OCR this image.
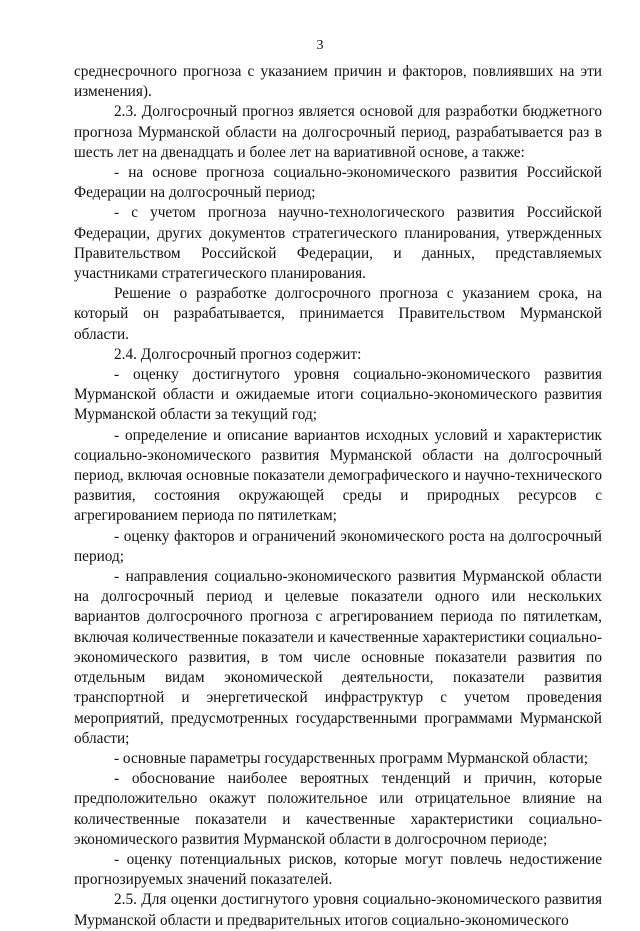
3

среднесрочного прогноза с указанием причин и факторов, повлиявших на эти изменения).

2.3. Долгосрочный прогноз является основой для разработки бюджетного прогноза Мурманской области на долгосрочный период, разрабатывается раз в шесть лет на двенадцать и более лет на вариативной основе, а также:

- на основе прогноза социально-экономического развития Российской Федерации на долгосрочный период;

- с учетом прогноза научно-технологического развития Российской Федерации, других документов стратегического планирования, утвержденных Правительством Российской Федерации, и данных, представляемых участниками стратегического планирования.

Решение о разработке долгосрочного прогноза с указанием срока, на который он разрабатывается, принимается Правительством Мурманской области.

2.4. Долгосрочный прогноз содержит:

- оценку достигнутого уровня социально-экономического развития Мурманской области и ожидаемые итоги социально-экономического развития Мурманской области за текущий год;

- определение и описание вариантов исходных условий и характеристик социально-экономического развития Мурманской области на долгосрочный период, включая основные показатели демографического и научно-технического развития, состояния окружающей среды и природных ресурсов с агрегированием периода по пятилеткам;

- оценку факторов и ограничений экономического роста на долгосрочный период;

- направления социально-экономического развития Мурманской области на долгосрочный период и целевые показатели одного или нескольких вариантов долгосрочного прогноза с агрегированием периода по пятилеткам, включая количественные показатели и качественные характеристики социально-экономического развития, в том числе основные показатели развития по отдельным видам экономической деятельности, показатели развития транспортной и энергетической инфраструктур с учетом проведения мероприятий, предусмотренных государственными программами Мурманской области;

- основные параметры государственных программ Мурманской области;

- обоснование наиболее вероятных тенденций и причин, которые предположительно окажут положительное или отрицательное влияние на количественные показатели и качественные характеристики социально-экономического развития Мурманской области в долгосрочном периоде;

- оценку потенциальных рисков, которые могут повлечь недостижение прогнозируемых значений показателей.

2.5. Для оценки достигнутого уровня социально-экономического развития Мурманской области и предварительных итогов социально-экономического
